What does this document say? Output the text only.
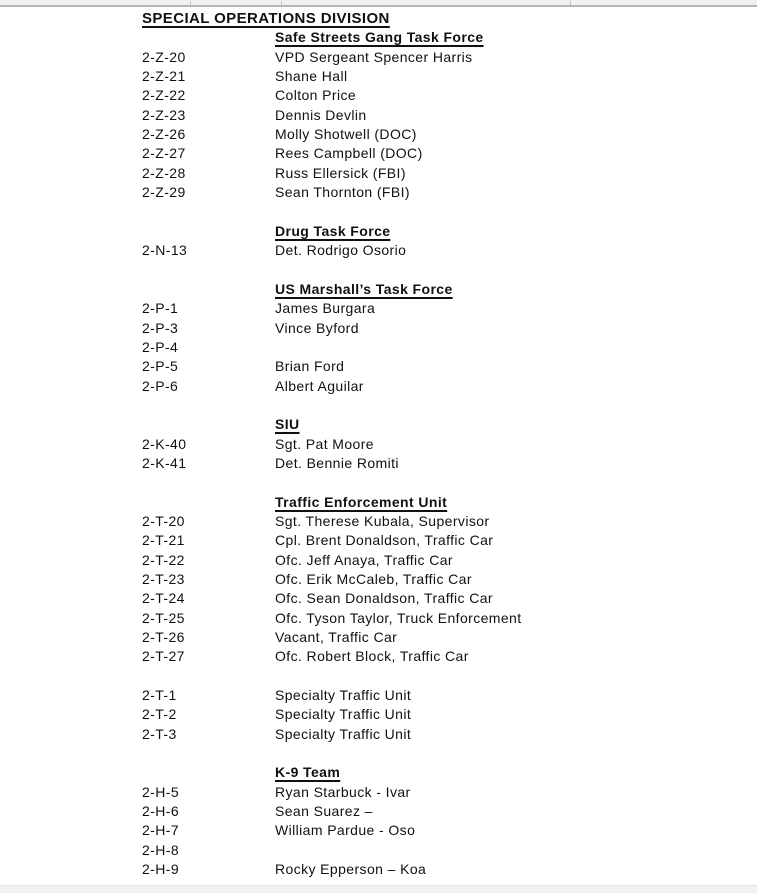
SPECIAL OPERATIONS DIVISION
Safe Streets Gang Task Force
2-Z-20	VPD Sergeant Spencer Harris
2-Z-21	Shane Hall
2-Z-22	Colton Price
2-Z-23	Dennis Devlin
2-Z-26	Molly Shotwell (DOC)
2-Z-27	Rees Campbell (DOC)
2-Z-28	Russ Ellersick (FBI)
2-Z-29	Sean Thornton (FBI)
Drug Task Force
2-N-13	Det. Rodrigo Osorio
US Marshall’s Task Force
2-P-1	James Burgara
2-P-3	Vince Byford
2-P-4
2-P-5	Brian Ford
2-P-6	Albert Aguilar
SIU
2-K-40	Sgt. Pat Moore
2-K-41	Det. Bennie Romiti
Traffic Enforcement Unit
2-T-20	Sgt. Therese Kubala, Supervisor
2-T-21	Cpl. Brent Donaldson, Traffic Car
2-T-22	Ofc. Jeff Anaya, Traffic Car
2-T-23	Ofc. Erik McCaleb, Traffic Car
2-T-24	Ofc. Sean Donaldson, Traffic Car
2-T-25	Ofc. Tyson Taylor, Truck Enforcement
2-T-26	Vacant, Traffic Car
2-T-27	Ofc. Robert Block, Traffic Car
2-T-1	Specialty Traffic Unit
2-T-2	Specialty Traffic Unit
2-T-3	Specialty Traffic Unit
K-9 Team
2-H-5	Ryan Starbuck - Ivar
2-H-6	Sean Suarez –
2-H-7	William Pardue - Oso
2-H-8
2-H-9	Rocky Epperson – Koa
